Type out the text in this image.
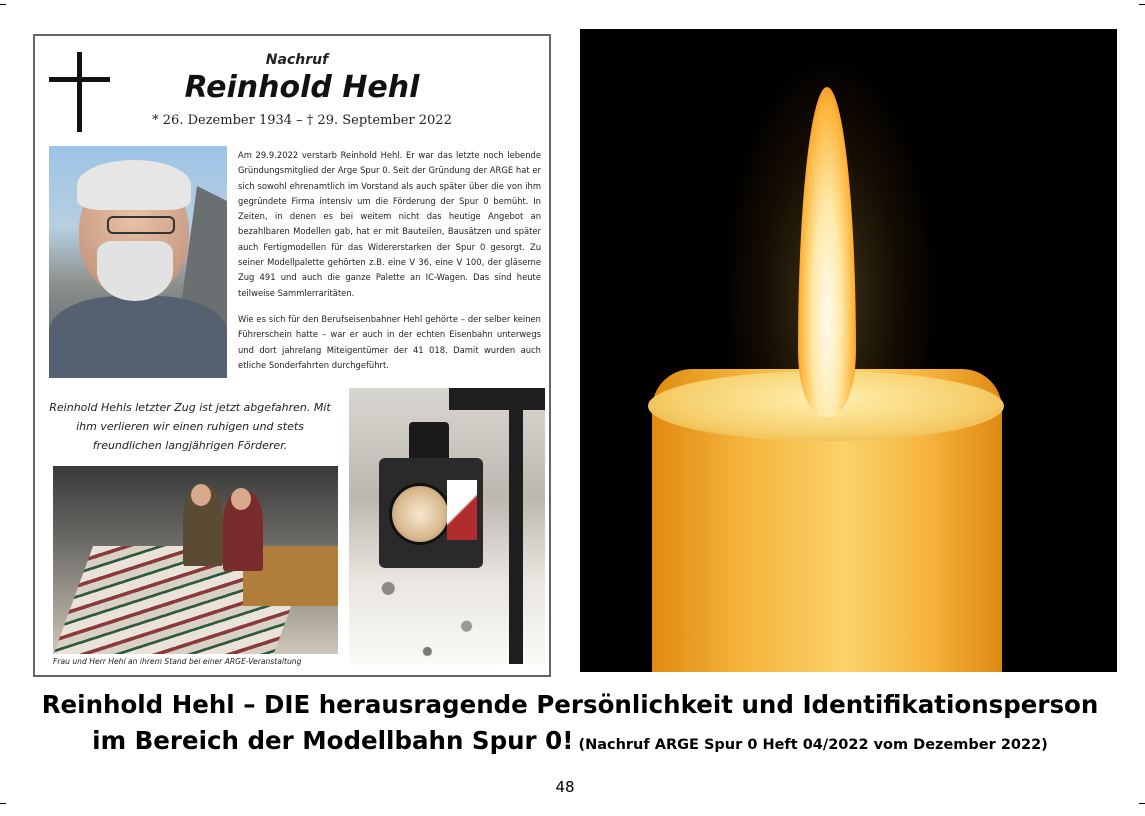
Nachruf
Reinhold Hehl
* 26. Dezember 1934 – † 29. September 2022

Am 29.9.2022 verstarb Reinhold Hehl. Er war das letzte noch lebende Gründungsmitglied der Arge Spur 0. Seit der Gründung der ARGE hat er sich sowohl ehrenamtlich im Vorstand als auch später über die von ihm gegründete Firma intensiv um die Förderung der Spur 0 bemüht. In Zeiten, in denen es bei weitem nicht das heutige Angebot an bezahlbaren Modellen gab, hat er mit Bauteilen, Bausätzen und später auch Fertigmodellen für das Widererstarken der Spur 0 gesorgt. Zu seiner Modellpalette gehörten z.B. eine V 36, eine V 100, der gläserne Zug 491 und auch die ganze Palette an IC-Wagen. Das sind heute teilweise Sammlerraritäten.

Wie es sich für den Berufseisenbahner Hehl gehörte – der selber keinen Führerschein hatte – war er auch in der echten Eisenbahn unterwegs und dort jahrelang Miteigentümer der 41 018. Damit wurden auch etliche Sonderfahrten durchgeführt.

Reinhold Hehls letzter Zug ist jetzt abgefahren. Mit ihm verlieren wir einen ruhigen und stets freundlichen langjährigen Förderer.

Frau und Herr Hehl an ihrem Stand bei einer ARGE-Veranstaltung

Reinhold Hehl – DIE herausragende Persönlichkeit und Identifikationsperson im Bereich der Modellbahn Spur 0! (Nachruf ARGE Spur 0 Heft 04/2022 vom Dezember 2022)
48
